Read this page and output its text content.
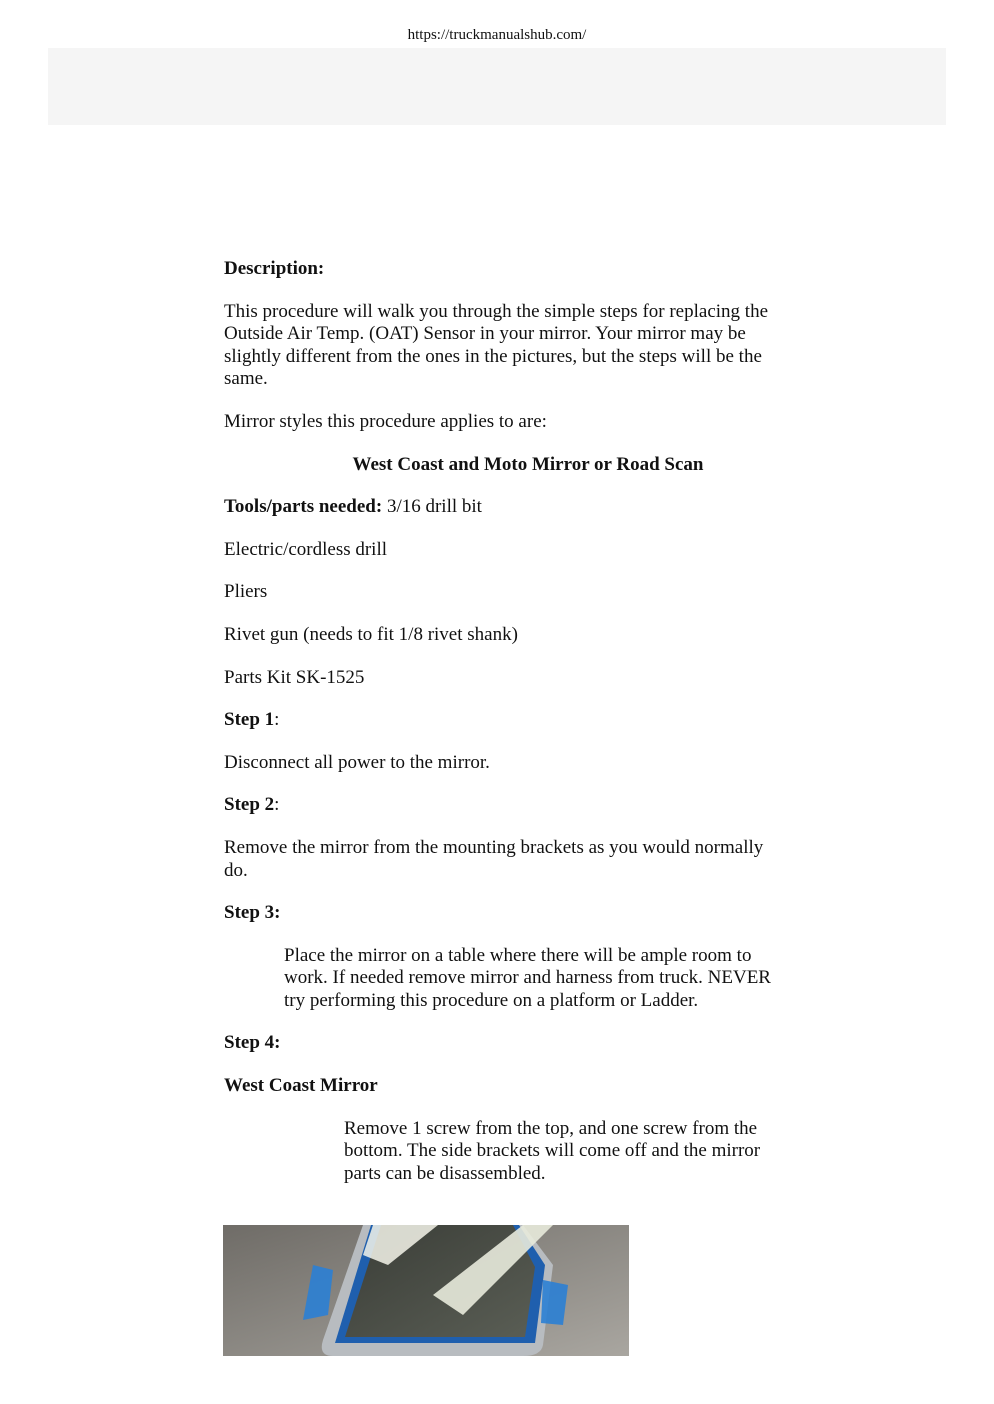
https://truckmanualshub.com/

Description:

This procedure will walk you through the simple steps for replacing the Outside Air Temp. (OAT) Sensor in your mirror. Your mirror may be slightly different from the ones in the pictures, but the steps will be the same.

Mirror styles this procedure applies to are:

West Coast and Moto Mirror or Road Scan

Tools/parts needed: 3/16 drill bit

Electric/cordless drill

Pliers

Rivet gun (needs to fit 1/8 rivet shank)

Parts Kit SK-1525

Step 1:

Disconnect all power to the mirror.

Step 2:

Remove the mirror from the mounting brackets as you would normally do.

Step 3:

Place the mirror on a table where there will be ample room to work. If needed remove mirror and harness from truck. NEVER try performing this procedure on a platform or Ladder.

Step 4:

West Coast Mirror

Remove 1 screw from the top, and one screw from the bottom. The side brackets will come off and the mirror parts can be disassembled.
